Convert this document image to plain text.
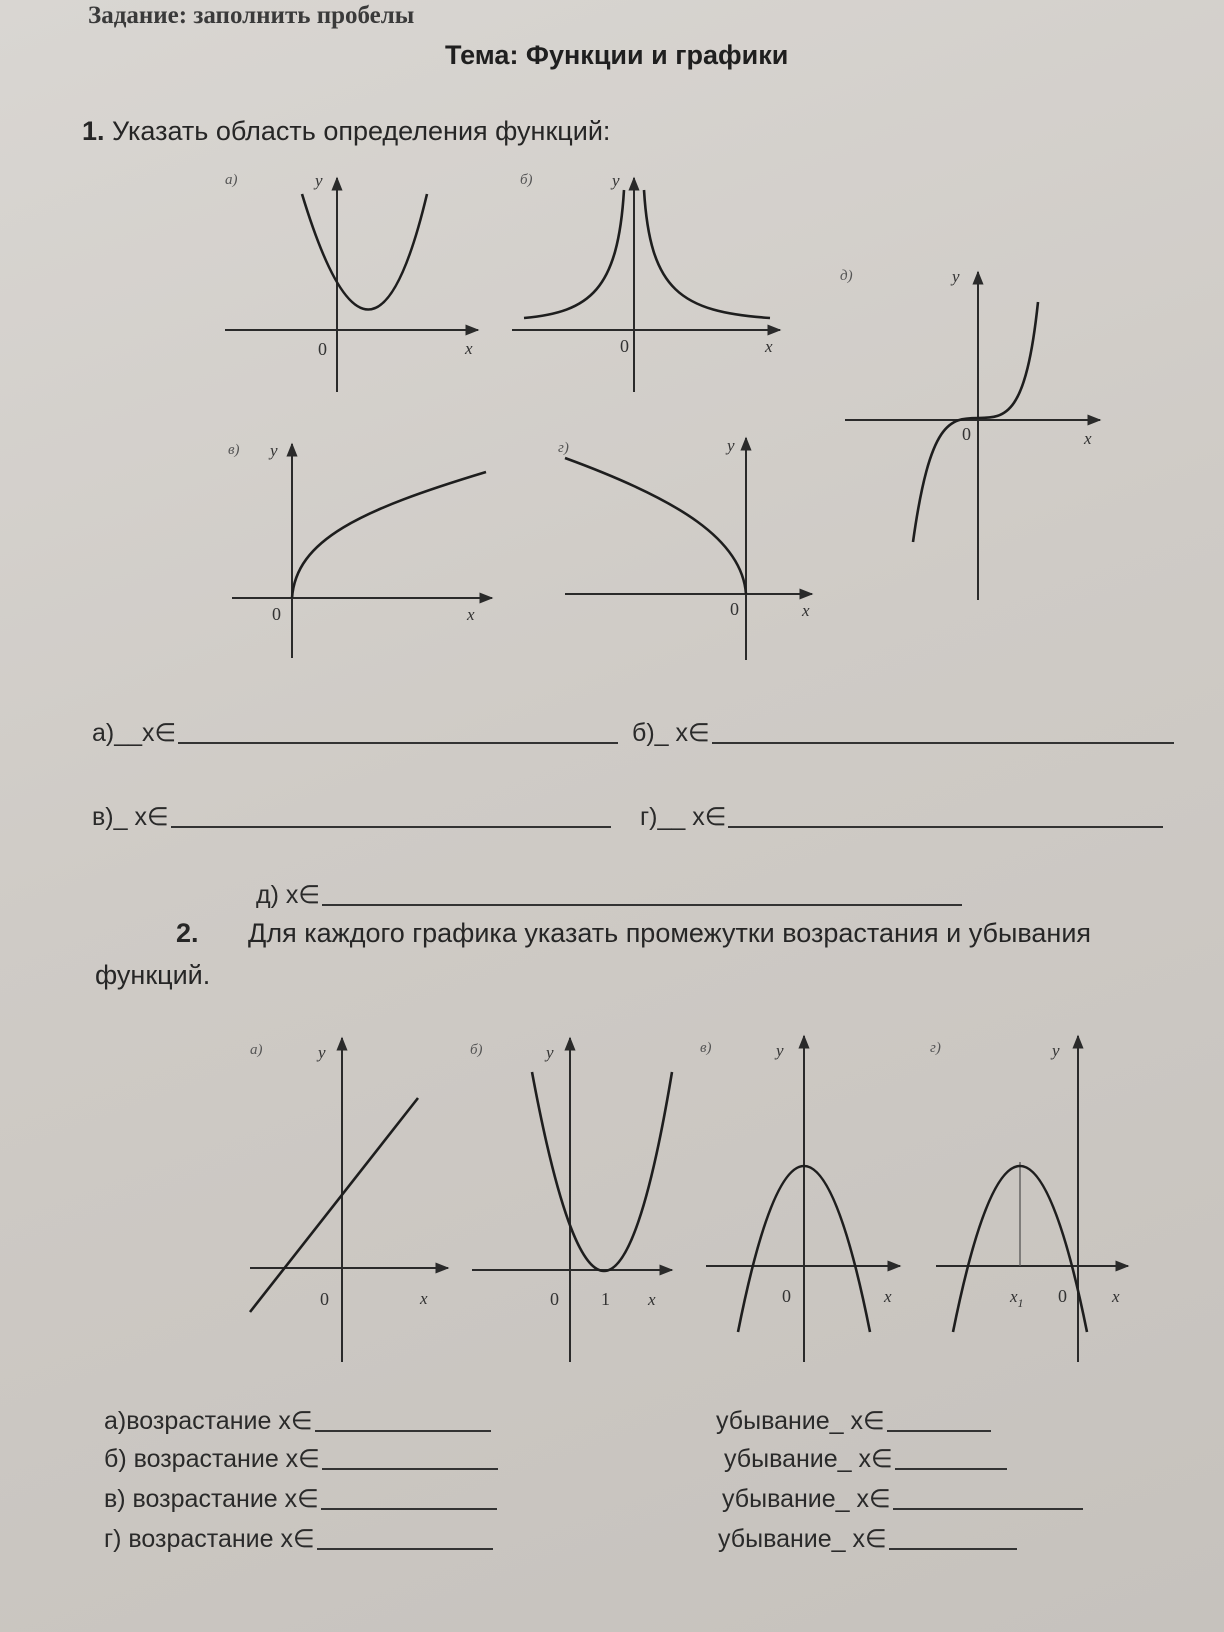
Задание: заполнить пробелы
Тема: Функции и графики
1. Указать область определения функций:
а)	y
x
0
б)	y
x
0
д)	y
x
0
в) y
x
0
г)	y
x
0
а)__x∈	б)_ x∈
в)_ x∈	г)__ x∈
д) x∈
2. Для каждого графика указать промежутки возрастания и убывания
функций.
а)	y
x
0
б)	y
x
0 1
в)	y
x
0
г)	y
x
0
$x_1$
а)возрастание x∈	убывание_ x∈
б) возрастание x∈	убывание_ x∈
в) возрастание x∈	убывание_ x∈
г) возрастание x∈	убывание_ x∈
